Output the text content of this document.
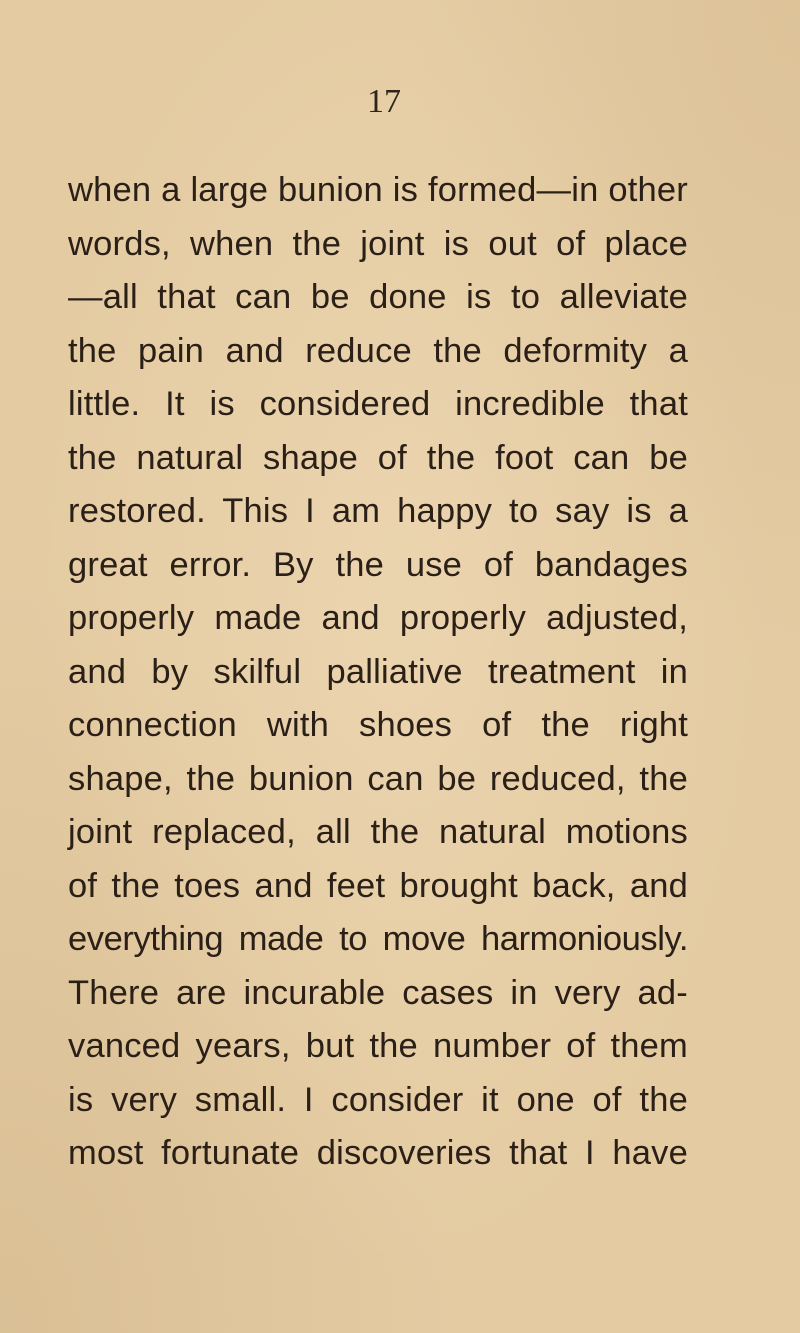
17
when a large bunion is formed—in other
words, when the joint is out of place
—all that can be done is to alleviate
the pain and reduce the deformity a
little. It is considered incredible that
the natural shape of the foot can be
restored. This I am happy to say is a
great error. By the use of bandages
properly made and properly adjusted,
and by skilful palliative treatment in
connection with shoes of the right
shape, the bunion can be reduced, the
joint replaced, all the natural motions
of the toes and feet brought back, and
everything made to move harmoniously.
There are incurable cases in very ad-
vanced years, but the number of them
is very small. I consider it one of the
most fortunate discoveries that I have
